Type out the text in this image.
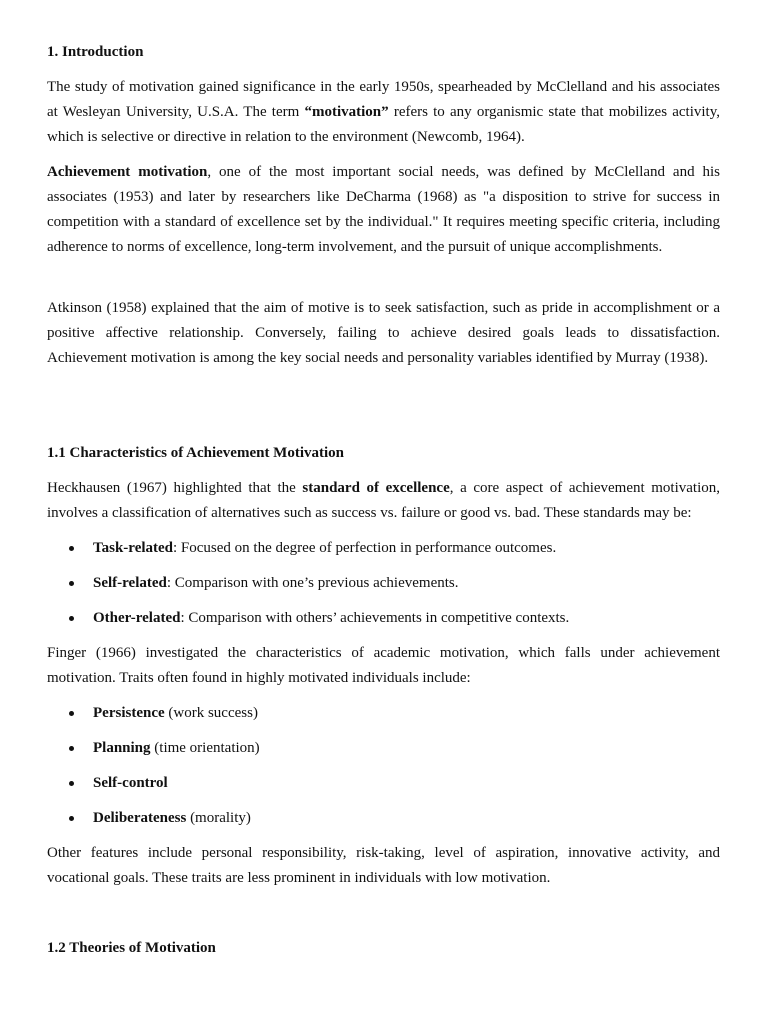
1. Introduction

The study of motivation gained significance in the early 1950s, spearheaded by McClelland and his associates at Wesleyan University, U.S.A. The term “motivation” refers to any organismic state that mobilizes activity, which is selective or directive in relation to the environment (Newcomb, 1964).

Achievement motivation, one of the most important social needs, was defined by McClelland and his associates (1953) and later by researchers like DeCharma (1968) as "a disposition to strive for success in competition with a standard of excellence set by the individual." It requires meeting specific criteria, including adherence to norms of excellence, long-term involvement, and the pursuit of unique accomplishments.

Atkinson (1958) explained that the aim of motive is to seek satisfaction, such as pride in accomplishment or a positive affective relationship. Conversely, failing to achieve desired goals leads to dissatisfaction. Achievement motivation is among the key social needs and personality variables identified by Murray (1938).

1.1 Characteristics of Achievement Motivation

Heckhausen (1967) highlighted that the standard of excellence, a core aspect of achievement motivation, involves a classification of alternatives such as success vs. failure or good vs. bad. These standards may be:

Task-related: Focused on the degree of perfection in performance outcomes.
Self-related: Comparison with one’s previous achievements.
Other-related: Comparison with others’ achievements in competitive contexts.

Finger (1966) investigated the characteristics of academic motivation, which falls under achievement motivation. Traits often found in highly motivated individuals include:

Persistence (work success)
Planning (time orientation)
Self-control
Deliberateness (morality)

Other features include personal responsibility, risk-taking, level of aspiration, innovative activity, and vocational goals. These traits are less prominent in individuals with low motivation.

1.2 Theories of Motivation
